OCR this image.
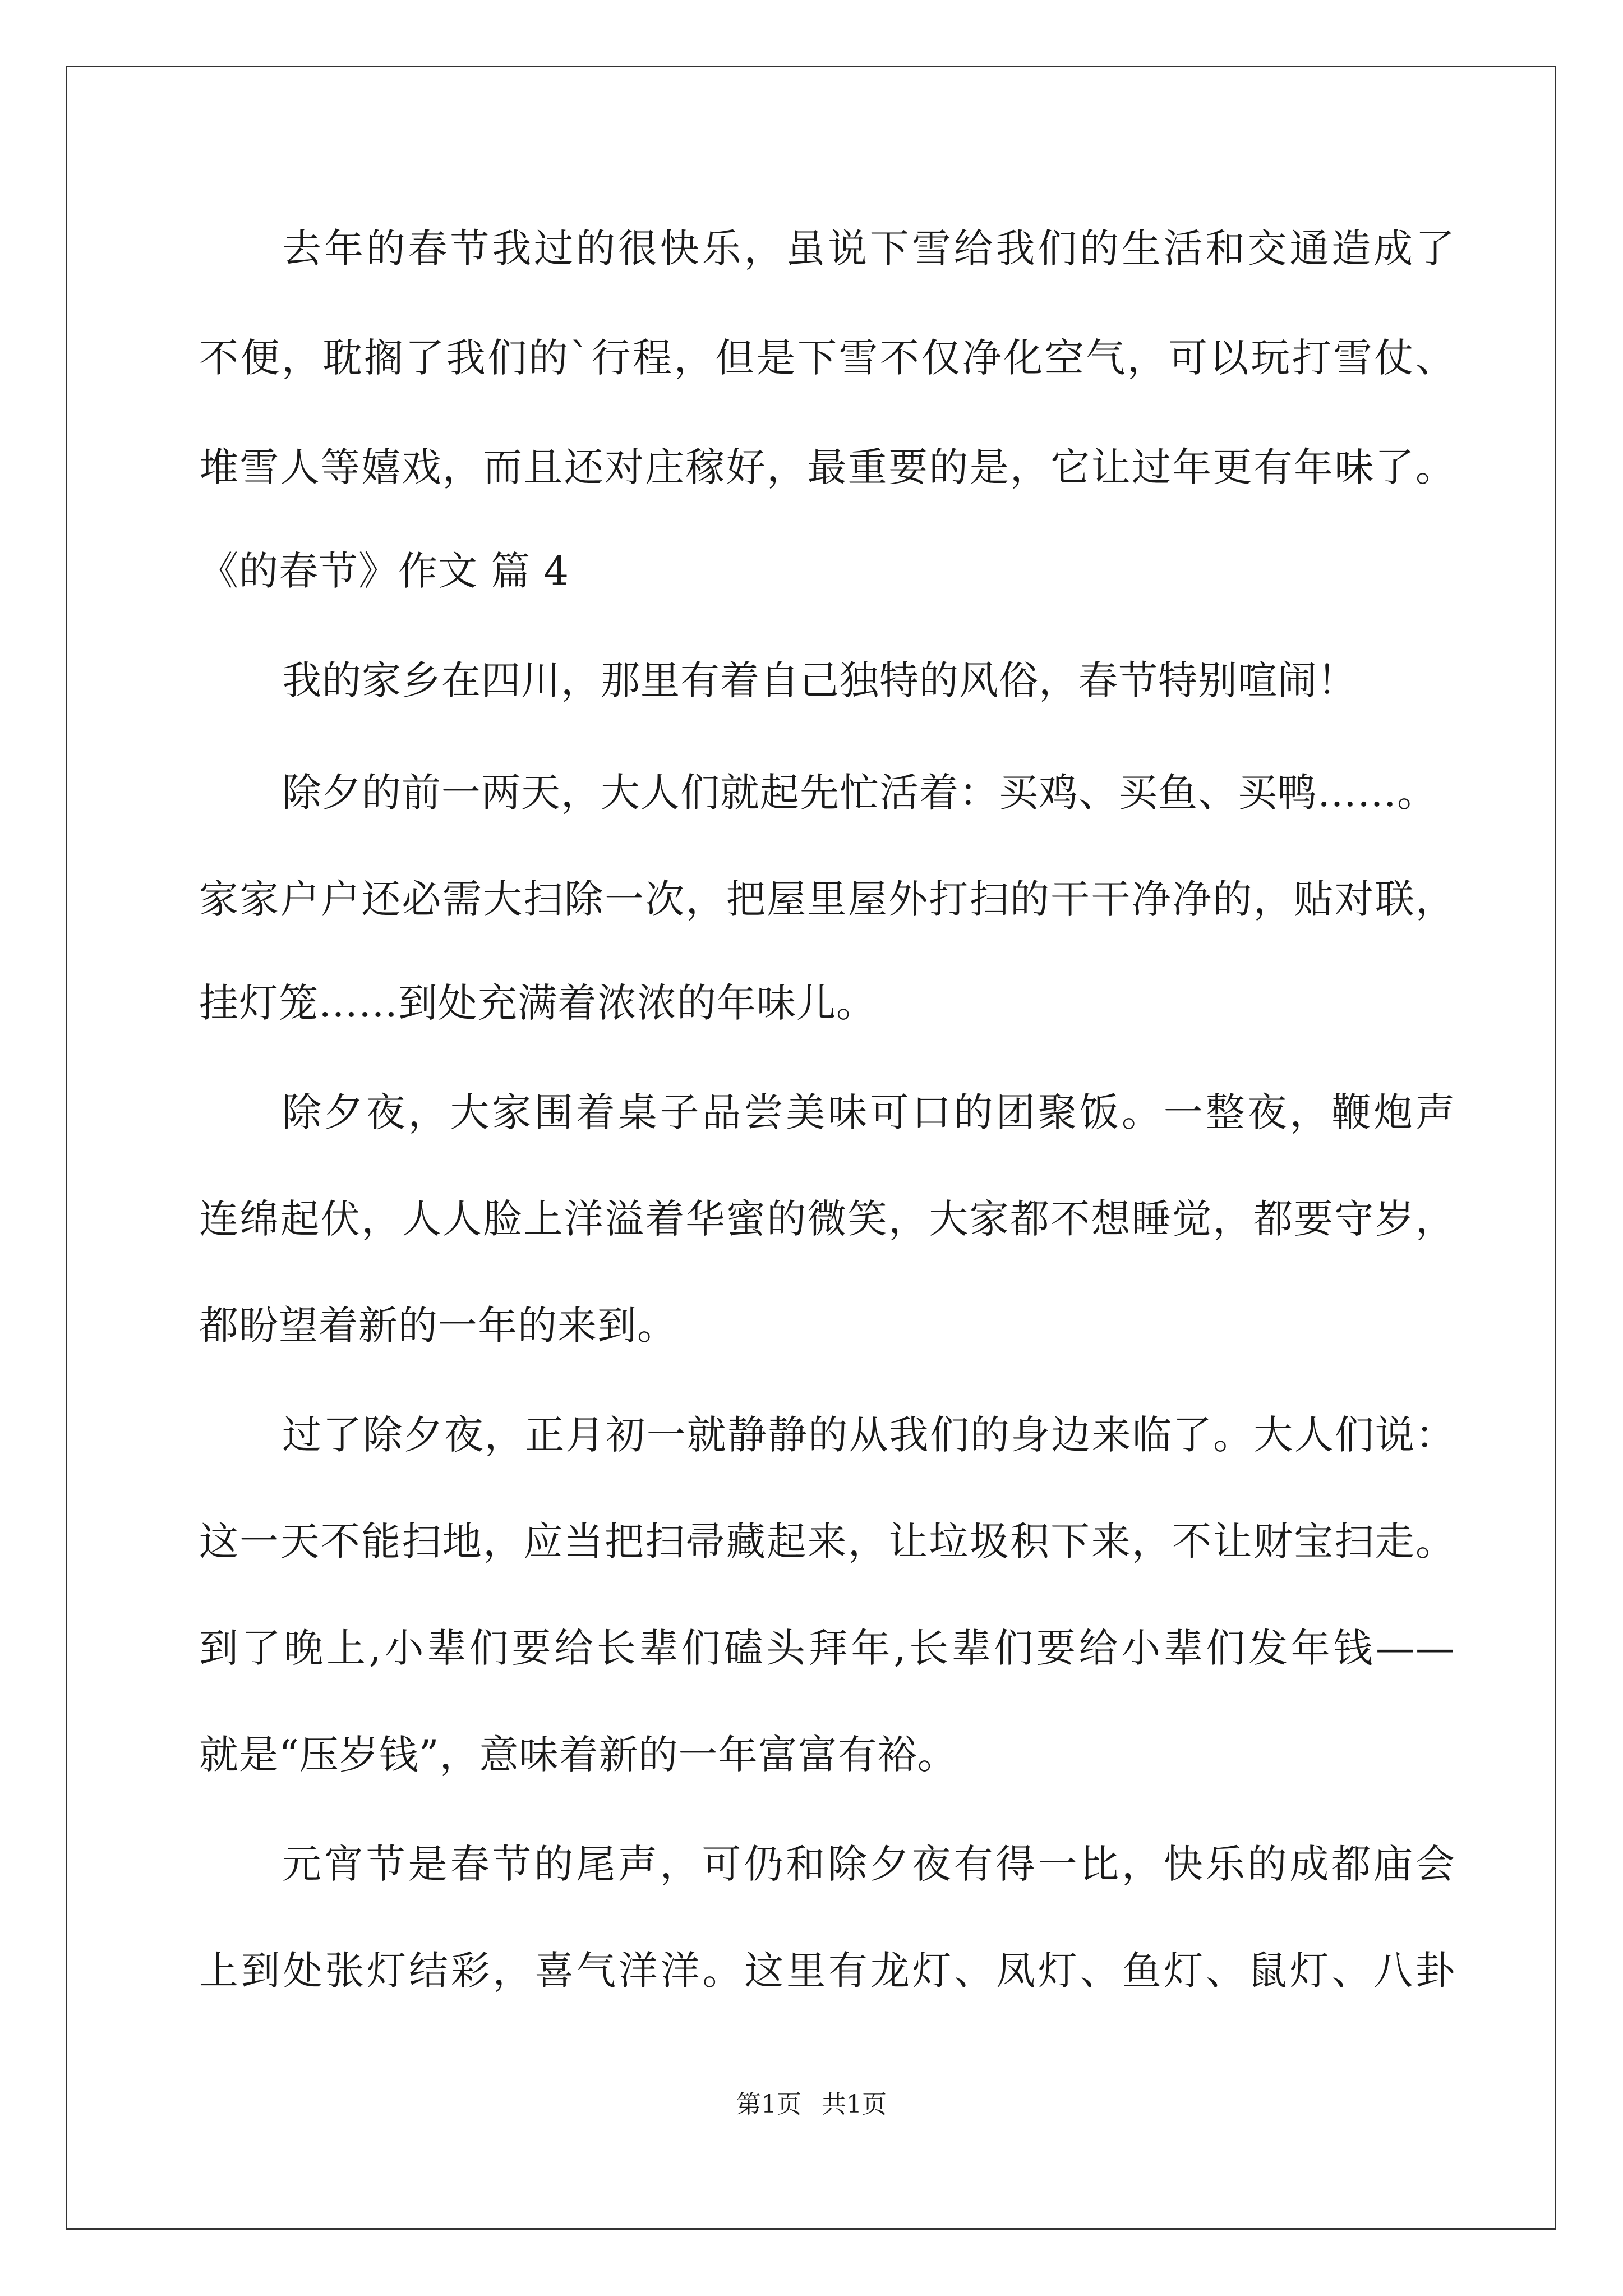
去年的春节我过的很快乐，虽说下雪给我们的生活和交通造成了
不便，耽搁了我们的`行程，但是下雪不仅净化空气，可以玩打雪仗、
堆雪人等嬉戏，而且还对庄稼好，最重要的是，它让过年更有年味了。
《的春节》作文 篇 4
我的家乡在四川，那里有着自己独特的风俗，春节特别喧闹！
除夕的前一两天，大人们就起先忙活着：买鸡、买鱼、买鸭……。
家家户户还必需大扫除一次，把屋里屋外打扫的干干净净的，贴对联，
挂灯笼……到处充满着浓浓的年味儿。
除夕夜，大家围着桌子品尝美味可口的团聚饭。一整夜，鞭炮声
连绵起伏，人人脸上洋溢着华蜜的微笑，大家都不想睡觉，都要守岁，
都盼望着新的一年的来到。
过了除夕夜，正月初一就静静的从我们的身边来临了。大人们说：
这一天不能扫地，应当把扫帚藏起来，让垃圾积下来，不让财宝扫走。
到了晚上,小辈们要给长辈们磕头拜年,长辈们要给小辈们发年钱——
就是“压岁钱”，意味着新的一年富富有裕。
元宵节是春节的尾声，可仍和除夕夜有得一比，快乐的成都庙会
上到处张灯结彩，喜气洋洋。这里有龙灯、凤灯、鱼灯、鼠灯、八卦
第1页 共1页
